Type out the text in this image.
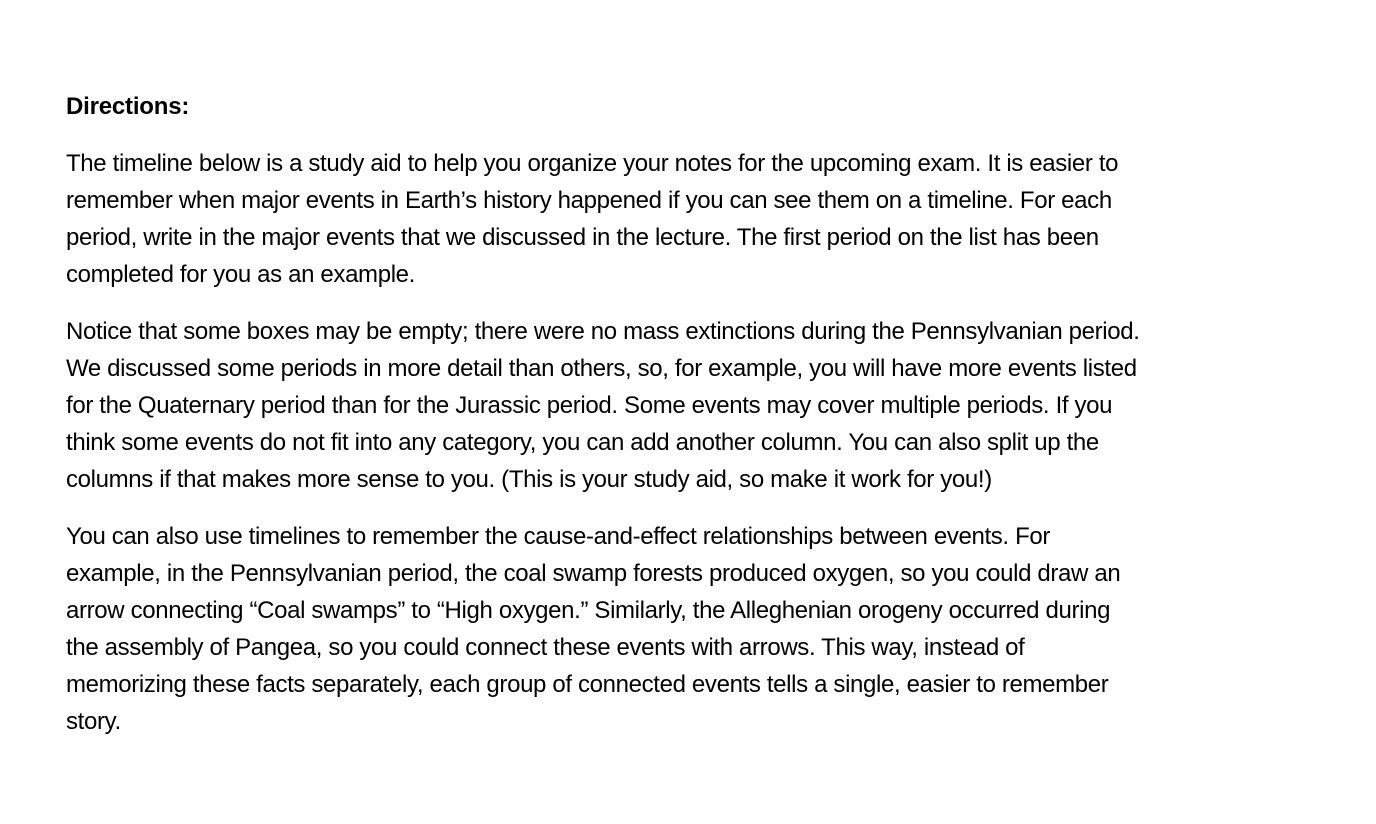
Directions:

The timeline below is a study aid to help you organize your notes for the upcoming exam. It is easier to
remember when major events in Earth’s history happened if you can see them on a timeline. For each
period, write in the major events that we discussed in the lecture. The first period on the list has been
completed for you as an example.

Notice that some boxes may be empty; there were no mass extinctions during the Pennsylvanian period.
We discussed some periods in more detail than others, so, for example, you will have more events listed
for the Quaternary period than for the Jurassic period. Some events may cover multiple periods. If you
think some events do not fit into any category, you can add another column. You can also split up the
columns if that makes more sense to you. (This is your study aid, so make it work for you!)

You can also use timelines to remember the cause-and-effect relationships between events. For
example, in the Pennsylvanian period, the coal swamp forests produced oxygen, so you could draw an
arrow connecting “Coal swamps” to “High oxygen.” Similarly, the Alleghenian orogeny occurred during
the assembly of Pangea, so you could connect these events with arrows. This way, instead of
memorizing these facts separately, each group of connected events tells a single, easier to remember
story.
